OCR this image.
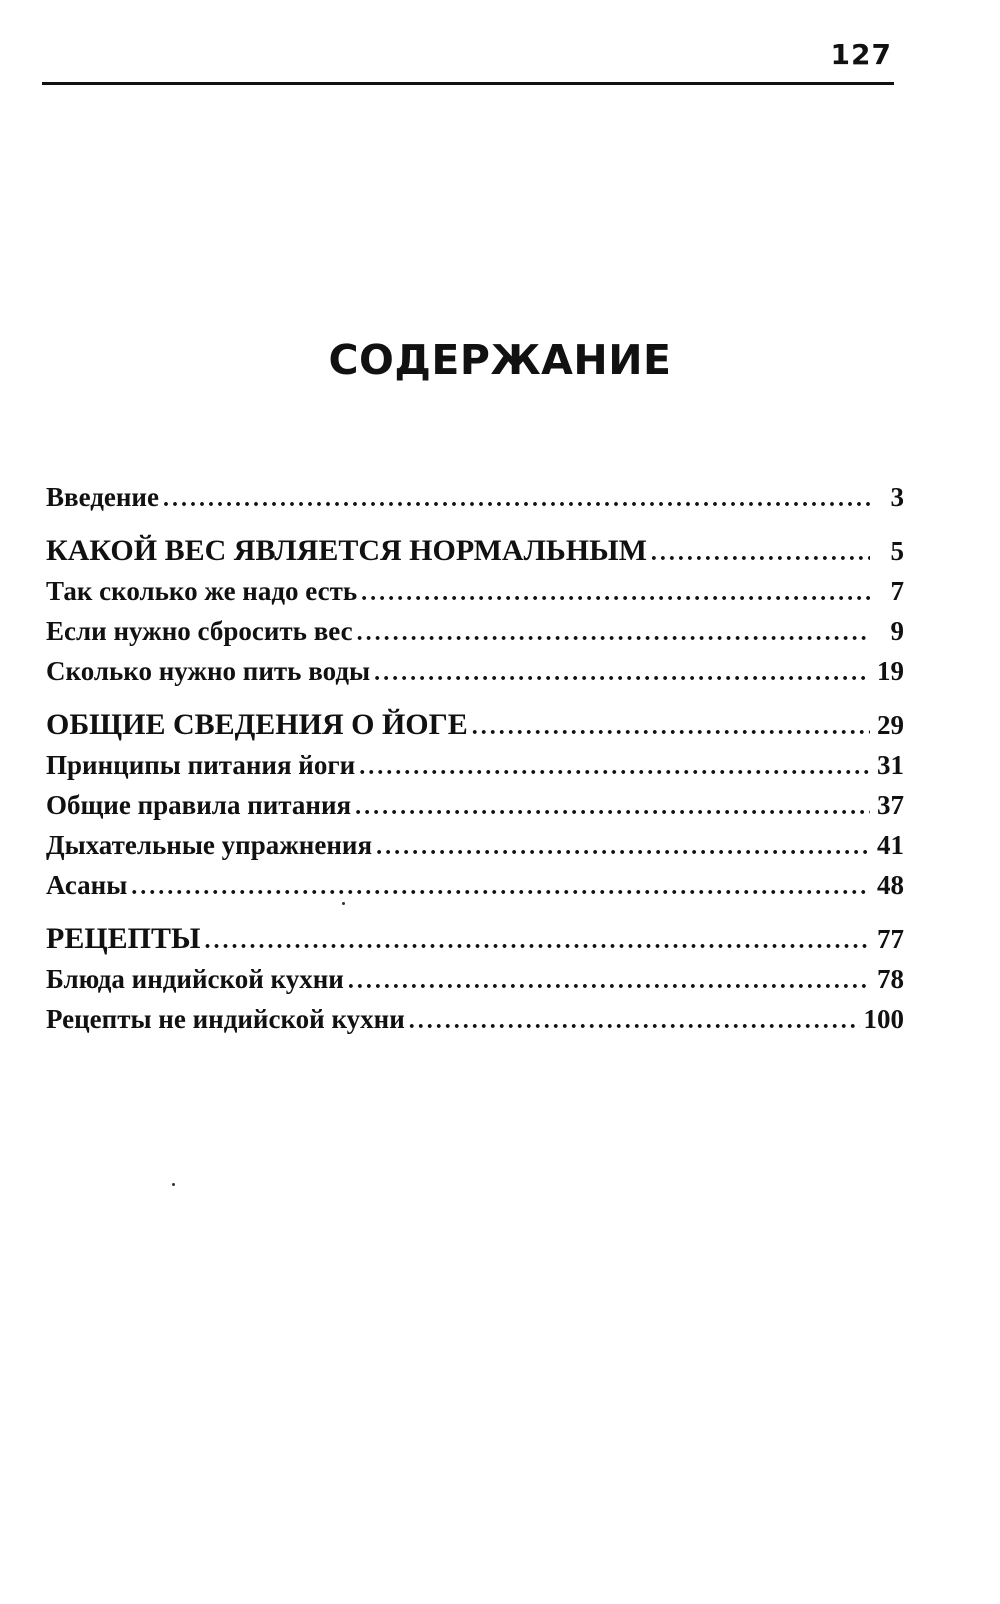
127
СОДЕРЖАНИЕ
Введение .....	3
КАКОЙ ВЕС ЯВЛЯЕТСЯ НОРМАЛЬНЫМ .....	5
Так сколько же надо есть .....	7
Если нужно сбросить вес .....	9
Сколько нужно пить воды .....	19
ОБЩИЕ СВЕДЕНИЯ О ЙОГЕ .....	29
Принципы питания йоги .....	31
Общие правила питания .....	37
Дыхательные упражнения .....	41
Асаны .....	48
РЕЦЕПТЫ .....	77
Блюда индийской кухни .....	78
Рецепты не индийской кухни .....	100
